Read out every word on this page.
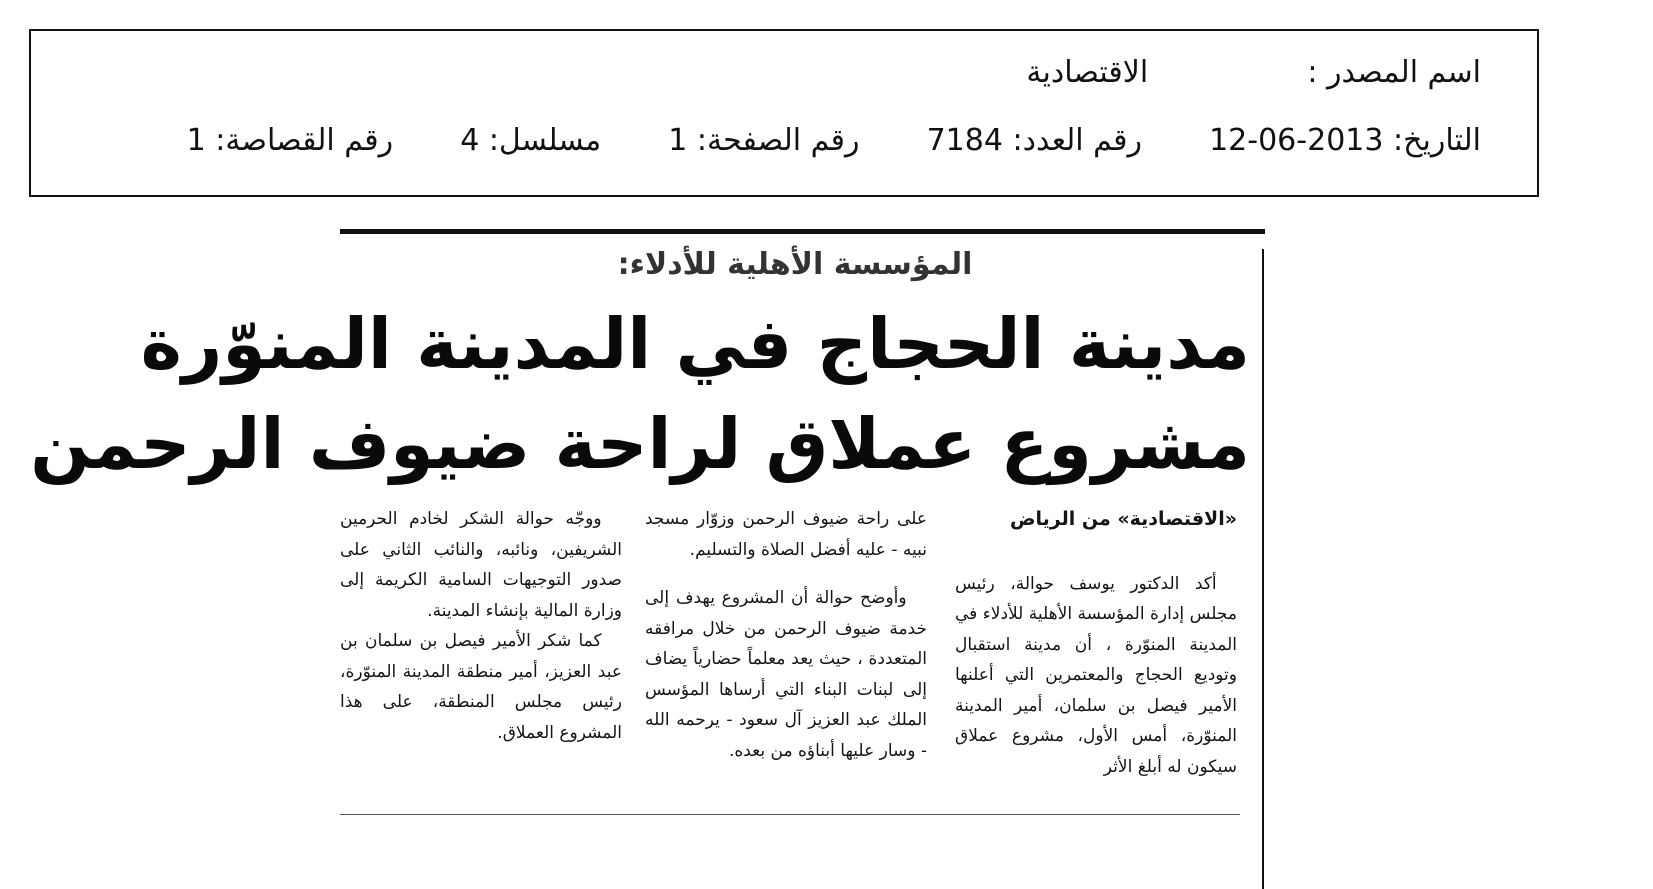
اسم المصدر :  الاقتصادية
التاريخ: 2013-06-12  رقم العدد: 7184  رقم الصفحة: 1  مسلسل: 4  رقم القصاصة: 1
المؤسسة الأهلية للأدلاء:
مدينة الحجاج في المدينة المنوّرة
مشروع عملاق لراحة ضيوف الرحمن
«الاقتصادية» من الرياض

أكد الدكتور يوسف حوالة، رئيس مجلس إدارة المؤسسة الأهلية للأدلاء في المدينة المنوّرة ، أن مدينة استقبال وتوديع الحجاج والمعتمرين التي أعلنها الأمير فيصل بن سلمان، أمير المدينة المنوّرة، أمس الأول، مشروع عملاق سيكون له أبلغ الأثر

على راحة ضيوف الرحمن وزوّار مسجد نبيه - عليه أفضل الصلاة والتسليم.

وأوضح حوالة أن المشروع يهدف إلى خدمة ضيوف الرحمن من خلال مرافقه المتعددة ، حيث يعد معلماً حضارياً يضاف إلى لبنات البناء التي أرساها المؤسس الملك عبد العزيز آل سعود - يرحمه الله - وسار عليها أبناؤه من بعده.

ووجّه حوالة الشكر لخادم الحرمين الشريفين، ونائبه، والنائب الثاني على صدور التوجيهات السامية الكريمة إلى وزارة المالية بإنشاء المدينة.

كما شكر الأمير فيصل بن سلمان بن عبد العزيز، أمير منطقة المدينة المنوّرة، رئيس مجلس المنطقة، على هذا المشروع العملاق.
